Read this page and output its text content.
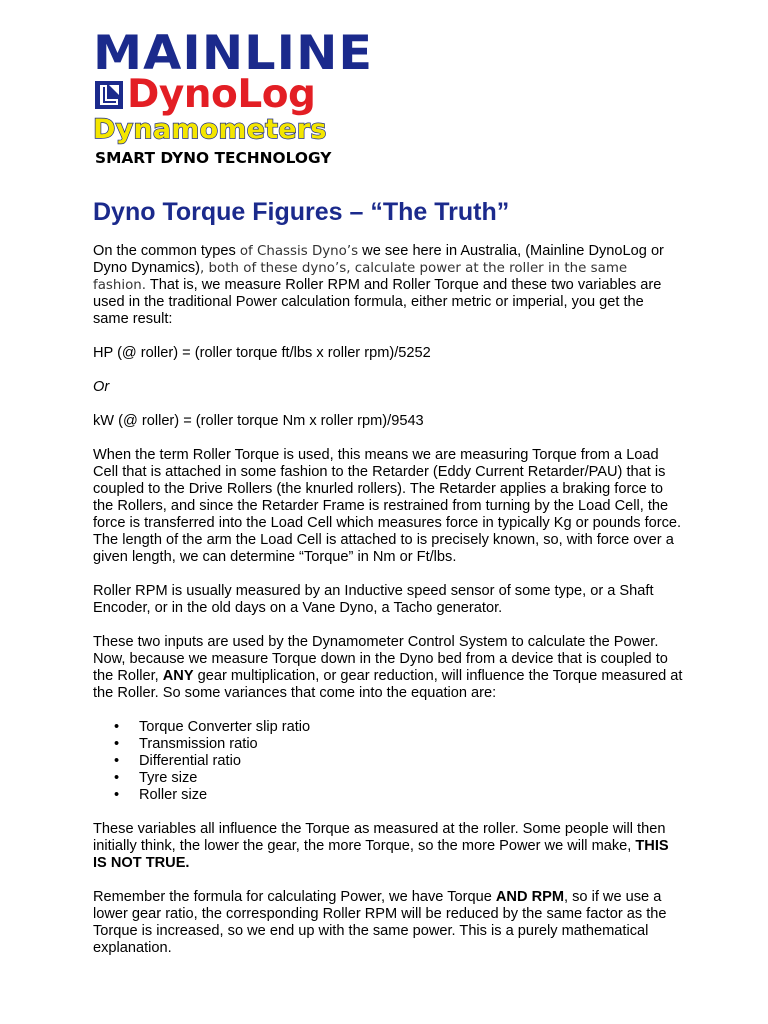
MAINLINE
DynoLog
Dynamometers
SMART DYNO TECHNOLOGY
Dyno Torque Figures – “The Truth”

On the common types of Chassis Dyno’s we see here in Australia, (Mainline DynoLog or Dyno Dynamics), both of these dyno’s, calculate power at the roller in the same fashion. That is, we measure Roller RPM and Roller Torque and these two variables are used in the traditional Power calculation formula, either metric or imperial, you get the same result:

HP (@ roller) = (roller torque ft/lbs x roller rpm)/5252

Or

kW (@ roller) = (roller torque Nm x roller rpm)/9543

When the term Roller Torque is used, this means we are measuring Torque from a Load Cell that is attached in some fashion to the Retarder (Eddy Current Retarder/PAU) that is coupled to the Drive Rollers (the knurled rollers). The Retarder applies a braking force to the Rollers, and since the Retarder Frame is restrained from turning by the Load Cell, the force is transferred into the Load Cell which measures force in typically Kg or pounds force. The length of the arm the Load Cell is attached to is precisely known, so, with force over a given length, we can determine “Torque” in Nm or Ft/lbs.

Roller RPM is usually measured by an Inductive speed sensor of some type, or a Shaft Encoder, or in the old days on a Vane Dyno, a Tacho generator.

These two inputs are used by the Dynamometer Control System to calculate the Power. Now, because we measure Torque down in the Dyno bed from a device that is coupled to the Roller, ANY gear multiplication, or gear reduction, will influence the Torque measured at the Roller. So some variances that come into the equation are:

• Torque Converter slip ratio
• Transmission ratio
• Differential ratio
• Tyre size
• Roller size

These variables all influence the Torque as measured at the roller. Some people will then initially think, the lower the gear, the more Torque, so the more Power we will make, THIS IS NOT TRUE.

Remember the formula for calculating Power, we have Torque AND RPM, so if we use a lower gear ratio, the corresponding Roller RPM will be reduced by the same factor as the Torque is increased, so we end up with the same power. This is a purely mathematical explanation.
